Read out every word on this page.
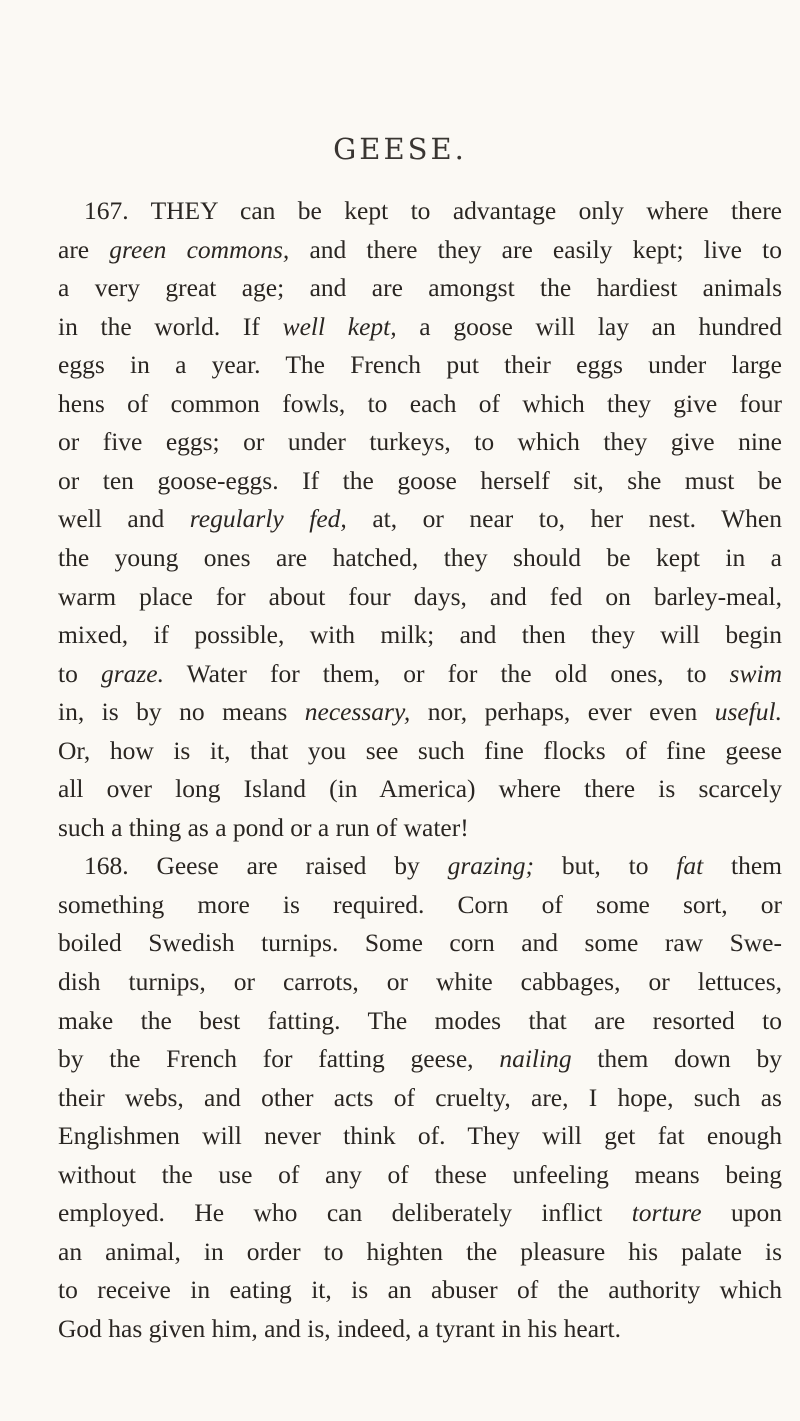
GEESE.
167. THEY can be kept to advantage only where there
are green commons, and there they are easily kept; live to
a very great age; and are amongst the hardiest animals
in the world. If well kept, a goose will lay an hundred
eggs in a year. The French put their eggs under large
hens of common fowls, to each of which they give four
or five eggs; or under turkeys, to which they give nine
or ten goose-eggs. If the goose herself sit, she must be
well and regularly fed, at, or near to, her nest. When
the young ones are hatched, they should be kept in a
warm place for about four days, and fed on barley-meal,
mixed, if possible, with milk; and then they will begin
to graze. Water for them, or for the old ones, to swim
in, is by no means necessary, nor, perhaps, ever even useful.
Or, how is it, that you see such fine flocks of fine geese
all over long Island (in America) where there is scarcely
such a thing as a pond or a run of water!
168. Geese are raised by grazing; but, to fat them
something more is required. Corn of some sort, or
boiled Swedish turnips. Some corn and some raw Swe-
dish turnips, or carrots, or white cabbages, or lettuces,
make the best fatting. The modes that are resorted to
by the French for fatting geese, nailing them down by
their webs, and other acts of cruelty, are, I hope, such as
Englishmen will never think of. They will get fat enough
without the use of any of these unfeeling means being
employed. He who can deliberately inflict torture upon
an animal, in order to highten the pleasure his palate is
to receive in eating it, is an abuser of the authority which
God has given him, and is, indeed, a tyrant in his heart.
